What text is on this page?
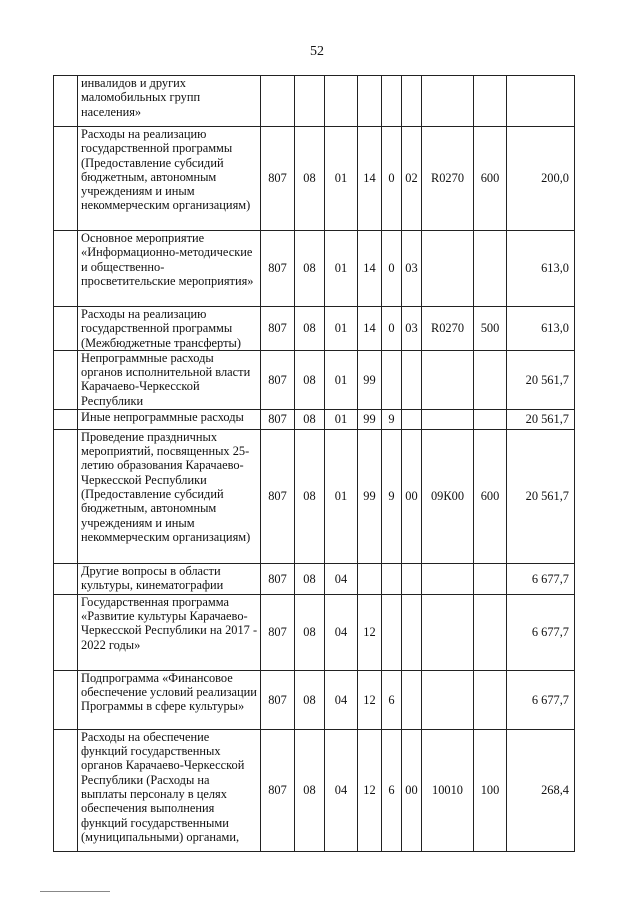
52
	инвалидов и других маломобильных групп населения»									
	Расходы на реализацию государственной программы (Предоставление субсидий бюджетным, автономным учреждениям и иным некоммерческим организациям)	807	08	01	14	0	02	R0270	600	200,0
	Основное мероприятие «Информационно-методические и общественно-просветительские мероприятия»	807	08	01	14	0	03			613,0
	Расходы на реализацию государственной программы (Межбюджетные трансферты)	807	08	01	14	0	03	R0270	500	613,0
	Непрограммные расходы органов исполнительной власти Карачаево-Черкесской Республики	807	08	01	99					20 561,7
	Иные непрограммные расходы	807	08	01	99	9				20 561,7
	Проведение праздничных мероприятий, посвященных 25-летию образования Карачаево-Черкесской Республики (Предоставление субсидий бюджетным, автономным учреждениям и иным некоммерческим организациям)	807	08	01	99	9	00	09К00	600	20 561,7
	Другие вопросы в области культуры, кинематографии	807	08	04						6 677,7
	Государственная программа «Развитие культуры Карачаево-Черкесской Республики на 2017 - 2022 годы»	807	08	04	12					6 677,7
	Подпрограмма «Финансовое обеспечение условий реализации Программы в сфере культуры»	807	08	04	12	6				6 677,7
	Расходы на обеспечение функций государственных органов Карачаево-Черкесской Республики (Расходы на выплаты персоналу в целях обеспечения выполнения функций государственными (муниципальными) органами,	807	08	04	12	6	00	10010	100	268,4
